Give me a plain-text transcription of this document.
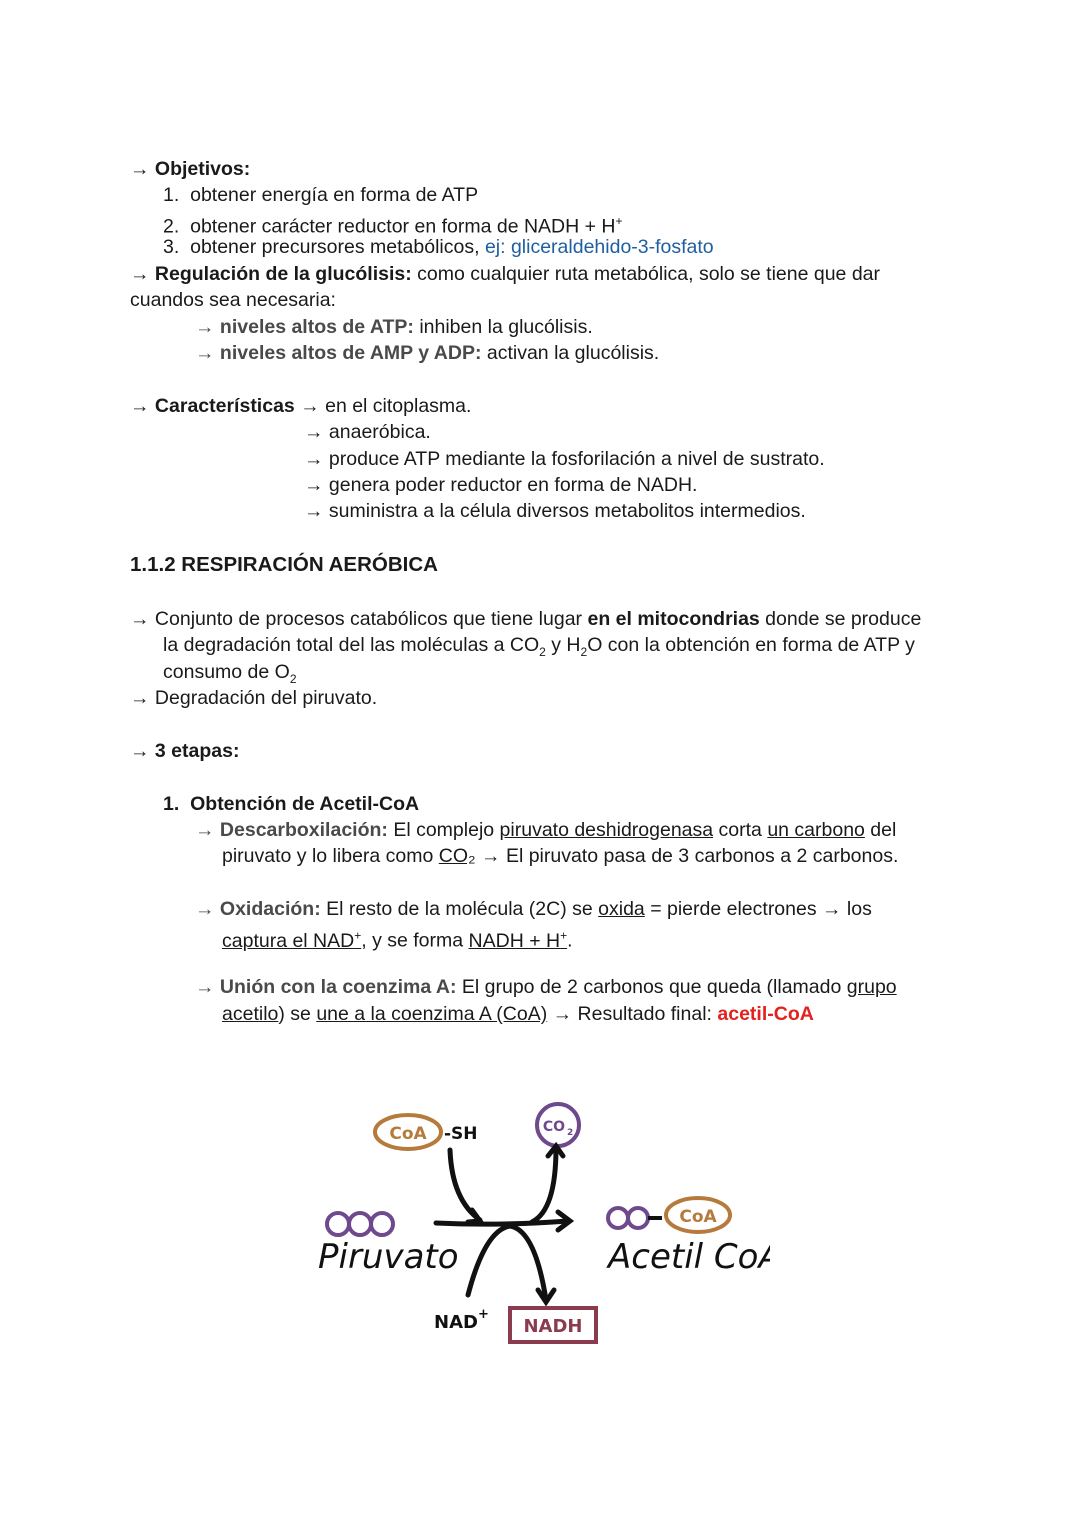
→ Objetivos:
1. obtener energía en forma de ATP
2. obtener carácter reductor en forma de NADH + H+
3. obtener precursores metabólicos, ej: gliceraldehido-3-fosfato
→ Regulación de la glucólisis: como cualquier ruta metabólica, solo se tiene que dar
cuandos sea necesaria:
→ niveles altos de ATP: inhiben la glucólisis.
→ niveles altos de AMP y ADP: activan la glucólisis.
→ Características → en el citoplasma.
→ anaeróbica.
→ produce ATP mediante la fosforilación a nivel de sustrato.
→ genera poder reductor en forma de NADH.
→ suministra a la célula diversos metabolitos intermedios.
1.1.2 RESPIRACIÓN AERÓBICA
→ Conjunto de procesos catabólicos que tiene lugar en el mitocondrias donde se produce
la degradación total del las moléculas a $CO_2$ y $H_2O$ con la obtención en forma de ATP y
consumo de $O_2$
→ Degradación del piruvato.
→ 3 etapas:
1. Obtención de Acetil-CoA
→ Descarboxilación: El complejo piruvato deshidrogenasa corta un carbono del
piruvato y lo libera como CO₂ → El piruvato pasa de 3 carbonos a 2 carbonos.
→ Oxidación: El resto de la molécula (2C) se oxida = pierde electrones → los
captura el NAD+, y se forma NADH + H+.
→ Unión con la coenzima A: El grupo de 2 carbonos que queda (llamado grupo
acetilo) se une a la coenzima A (CoA) → Resultado final: acetil-CoA
CoA -SH	CO 2
Piruvato
CoA
Acetil CoA
NAD +
NADH
